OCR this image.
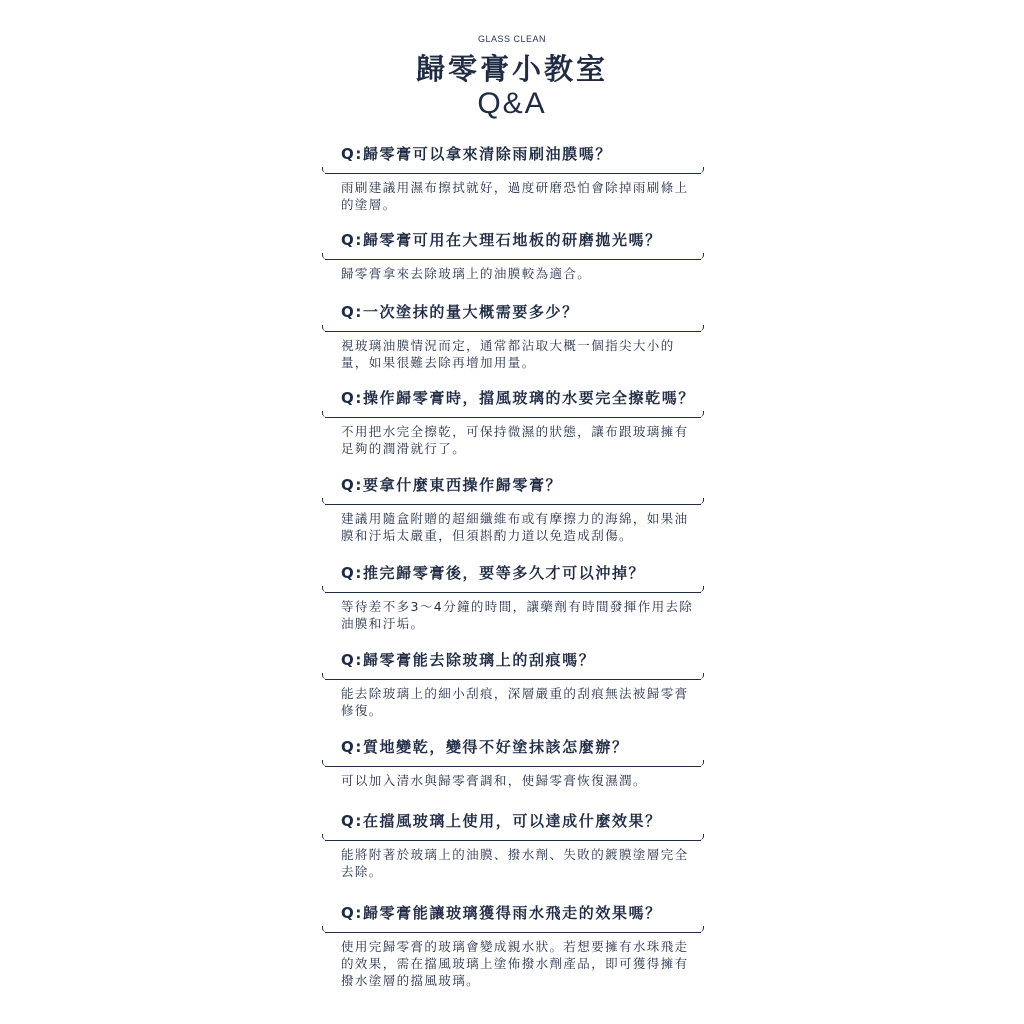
GLASS CLEAN
歸零膏小教室
Q&A
Q:歸零膏可以拿來清除雨刷油膜嗎？
雨刷建議用濕布擦拭就好，過度研磨恐怕會除掉雨刷條上的塗層。
Q:歸零膏可用在大理石地板的研磨拋光嗎？
歸零膏拿來去除玻璃上的油膜較為適合。
Q:一次塗抹的量大概需要多少？
視玻璃油膜情況而定，通常都沾取大概一個指尖大小的量，如果很難去除再增加用量。
Q:操作歸零膏時，擋風玻璃的水要完全擦乾嗎？
不用把水完全擦乾，可保持微濕的狀態，讓布跟玻璃擁有足夠的潤滑就行了。
Q:要拿什麼東西操作歸零膏？
建議用隨盒附贈的超細纖維布或有摩擦力的海綿，如果油膜和汙垢太嚴重，但須斟酌力道以免造成刮傷。
Q:推完歸零膏後，要等多久才可以沖掉？
等待差不多3～4分鐘的時間，讓藥劑有時間發揮作用去除油膜和汙垢。
Q:歸零膏能去除玻璃上的刮痕嗎？
能去除玻璃上的細小刮痕，深層嚴重的刮痕無法被歸零膏修復。
Q:質地變乾，變得不好塗抹該怎麼辦？
可以加入清水與歸零膏調和，使歸零膏恢復濕潤。
Q:在擋風玻璃上使用，可以達成什麼效果？
能將附著於玻璃上的油膜、撥水劑、失敗的鍍膜塗層完全去除。
Q:歸零膏能讓玻璃獲得雨水飛走的效果嗎？
使用完歸零膏的玻璃會變成親水狀。若想要擁有水珠飛走的效果，需在擋風玻璃上塗佈撥水劑產品，即可獲得擁有撥水塗層的擋風玻璃。
